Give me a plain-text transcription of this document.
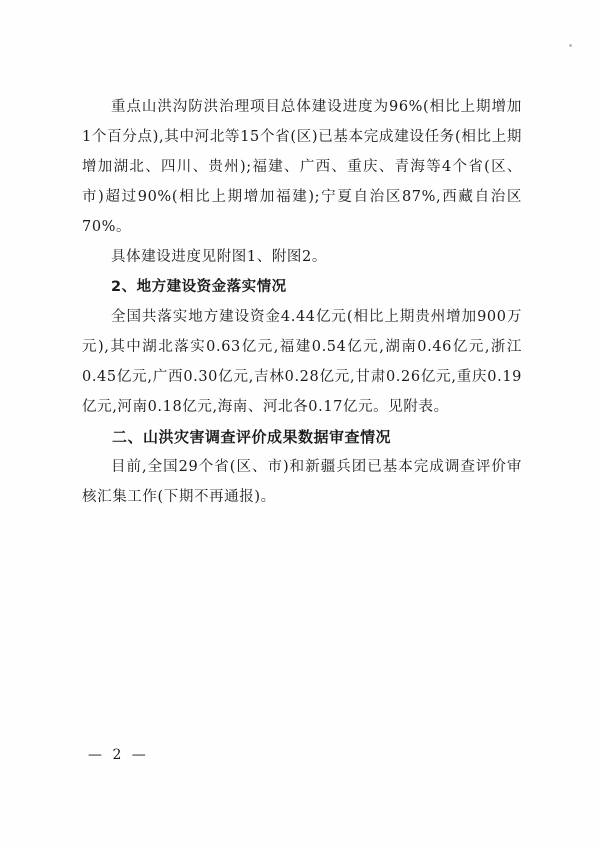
重点山洪沟防洪治理项目总体建设进度为96%(相比上期增加1个百分点),其中河北等15个省(区)已基本完成建设任务(相比上期增加湖北、四川、贵州);福建、广西、重庆、青海等4个省(区、市)超过90%(相比上期增加福建);宁夏自治区87%,西藏自治区70%。

具体建设进度见附图1、附图2。

2、地方建设资金落实情况

全国共落实地方建设资金4.44亿元(相比上期贵州增加900万元),其中湖北落实0.63亿元,福建0.54亿元,湖南0.46亿元,浙江0.45亿元,广西0.30亿元,吉林0.28亿元,甘肃0.26亿元,重庆0.19亿元,河南0.18亿元,海南、河北各0.17亿元。见附表。

二、山洪灾害调查评价成果数据审查情况

目前,全国29个省(区、市)和新疆兵团已基本完成调查评价审核汇集工作(下期不再通报)。

— 2 —
